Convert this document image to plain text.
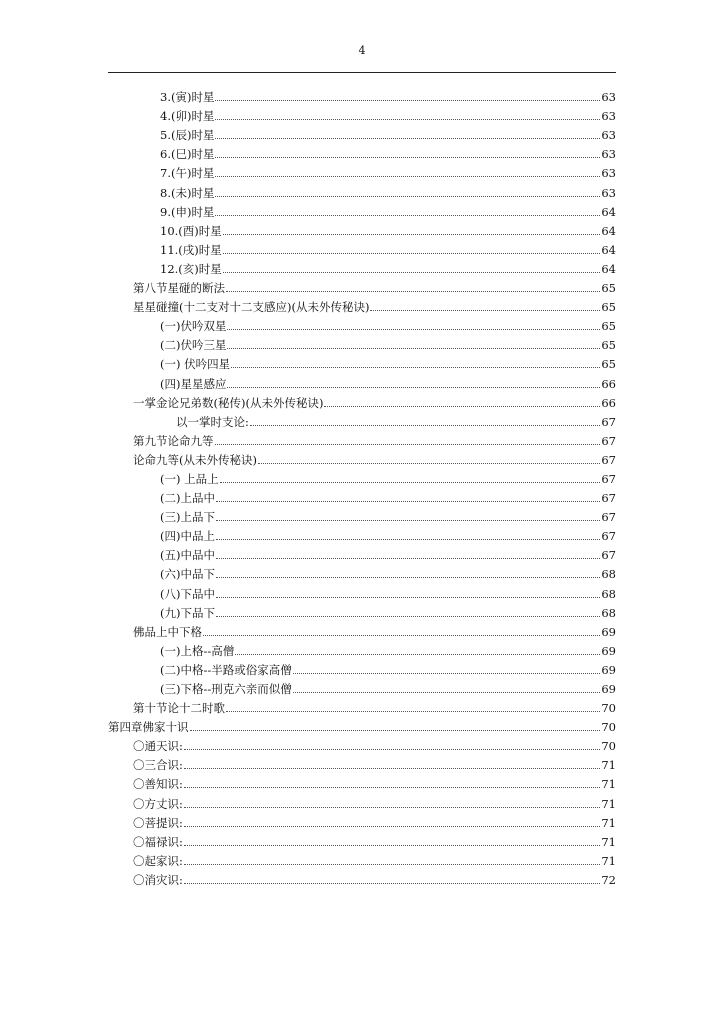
4
3.(寅)时星	63
4.(卯)时星	63
5.(辰)时星	63
6.(巳)时星	63
7.(午)时星	63
8.(未)时星	63
9.(申)时星	64
10.(酉)时星	64
11.(戌)时星	64
12.(亥)时星	64
第八节星碰的断法	65
星星碰撞(十二支对十二支感应)(从未外传秘诀)	65
(一)伏吟双星	65
(二)伏吟三星	65
(一) 伏吟四星	65
(四)星星感应	66
一掌金论兄弟数(秘传)(从未外传秘诀)	66
以一掌时支论:	67
第九节论命九等	67
论命九等(从未外传秘诀)	67
(一) 上品上	67
(二)上品中	67
(三)上品下	67
(四)中品上	67
(五)中品中	67
(六)中品下	68
(八)下品中	68
(九)下品下	68
佛品上中下格	69
(一)上格--高僧	69
(二)中格--半路或俗家高僧	69
(三)下格--刑克六亲而似僧	69
第十节论十二时歌	70
第四章佛家十识	70
〇通天识:	70
〇三合识:	71
〇善知识:	71
〇方丈识:	71
〇菩提识:	71
〇福禄识:	71
〇起家识:	71
〇消灾识:	72
